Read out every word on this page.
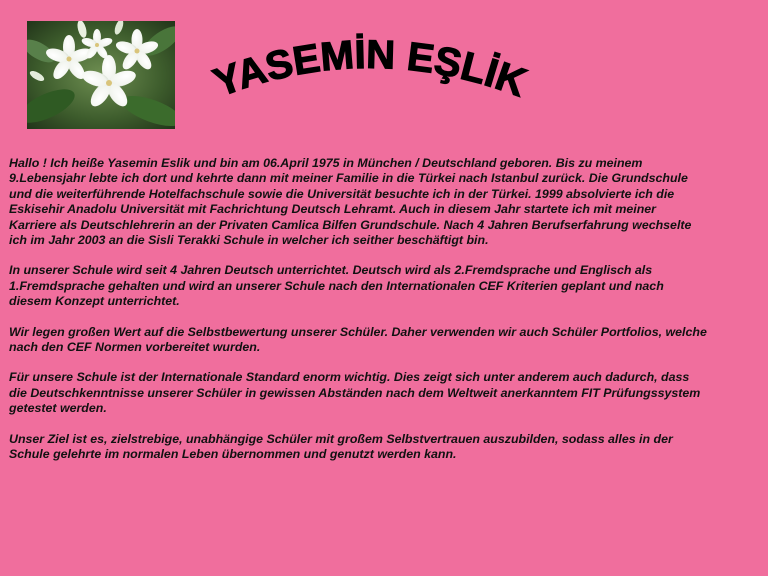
YASEMİN EŞLİK

Hallo ! Ich heiße Yasemin Eslik und bin am 06.April 1975 in München / Deutschland geboren. Bis zu meinem
9.Lebensjahr lebte ich dort und kehrte dann mit meiner Familie in die Türkei nach Istanbul zurück. Die Grundschule
und die weiterführende Hotelfachschule sowie die Universität besuchte ich in der Türkei. 1999 absolvierte ich die
Eskisehir Anadolu Universität mit Fachrichtung Deutsch Lehramt. Auch in diesem Jahr startete ich mit meiner
Karriere als Deutschlehrerin an der Privaten Camlica Bilfen Grundschule. Nach 4 Jahren Berufserfahrung wechselte
ich im Jahr 2003 an die Sisli Terakki Schule in welcher ich seither beschäftigt bin.

In unserer Schule wird seit 4 Jahren Deutsch unterrichtet. Deutsch wird als 2.Fremdsprache und Englisch als
1.Fremdsprache gehalten und wird an unserer Schule nach den Internationalen CEF Kriterien geplant und nach
diesem Konzept unterrichtet.

Wir legen großen Wert auf die Selbstbewertung unserer Schüler. Daher verwenden wir auch Schüler Portfolios, welche
nach den CEF Normen vorbereitet wurden.

Für unsere Schule ist der Internationale Standard enorm wichtig. Dies zeigt sich unter anderem auch dadurch, dass
die Deutschkenntnisse unserer Schüler in gewissen Abständen nach dem Weltweit anerkanntem FIT Prüfungssystem
getestet werden.

Unser Ziel ist es, zielstrebige, unabhängige Schüler mit großem Selbstvertrauen auszubilden, sodass alles in der
Schule gelehrte im normalen Leben übernommen und genutzt werden kann.
